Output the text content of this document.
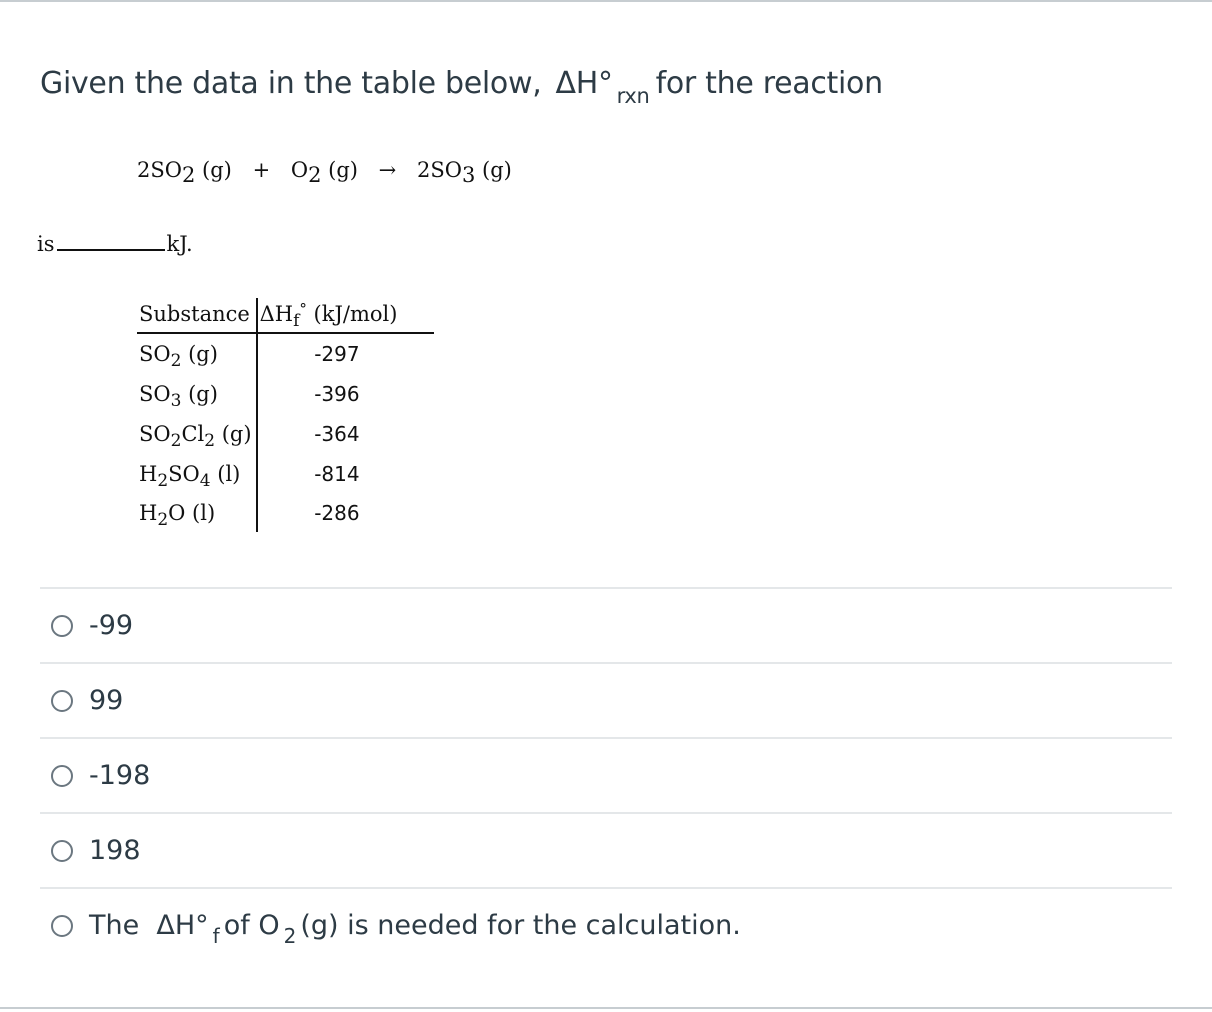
Given the data in the table below, ΔH° $_{rxn}$ for the reaction
2SO2 (g) + O2 (g) → 2SO3 (g)
is	kJ.
Substance	$\Delta H_f^\circ$ (kJ/mol)
$SO_2$ (g)	-297
$SO_3$ (g)	-396
$SO_2Cl_2$ (g)	-364
$H_2SO_4$ (l)	-814
$H_2O$ (l)	-286
-99
99
-198
198
The ΔH° $_f$ of O $_2$ (g) is needed for the calculation.
